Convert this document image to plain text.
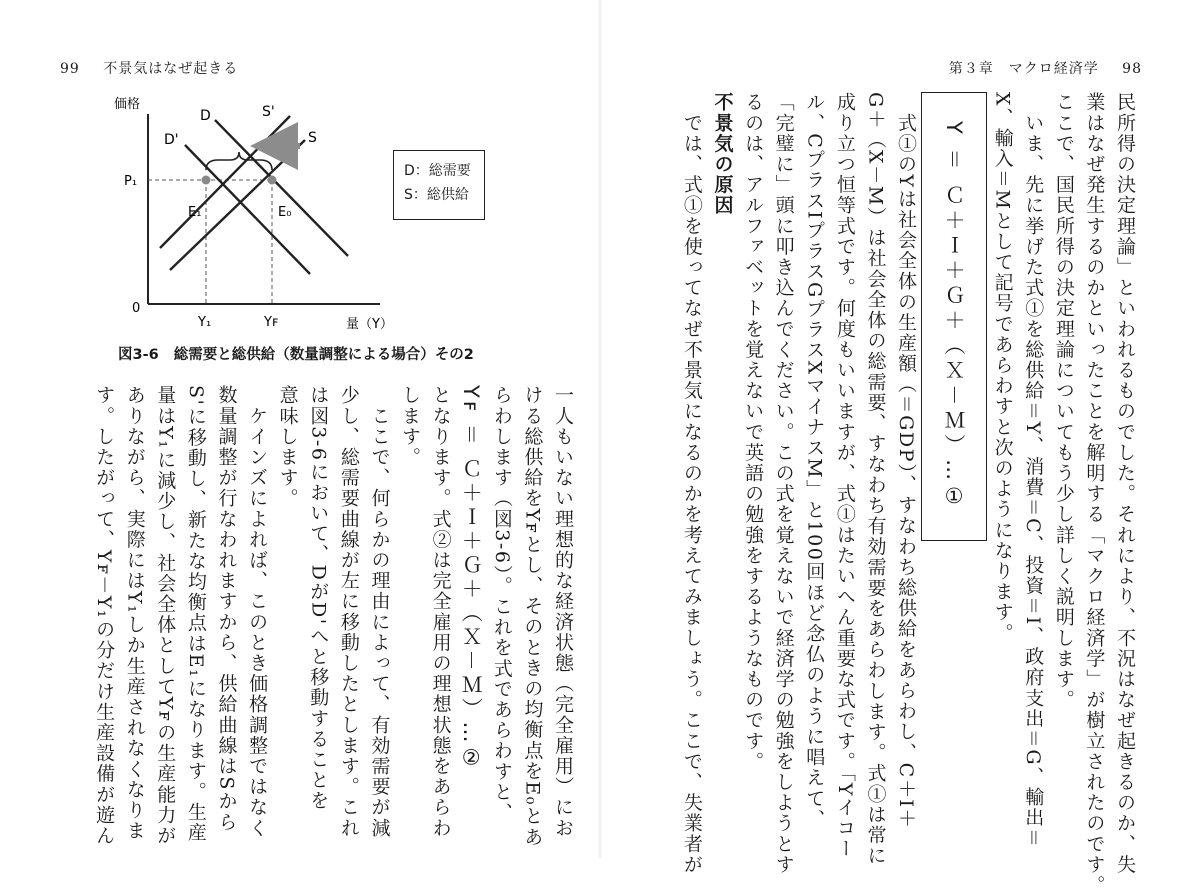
99 不景気はなぜ起きる	第３章　マクロ経済学 98

民所得の決定理論」といわれるものでした。それにより、不況はなぜ起きるのか、失

業はなぜ発生するのかといったことを解明する「マクロ経済学」が樹立されたのです。

ここで、国民所得の決定理論についてもう少し詳しく説明します。

　いま、先に挙げた式①を総供給＝Y、消費＝C、投資＝I、政府支出＝G、輸出＝

X、輸入＝Mとして記号であらわすと次のようになります。

Y ＝ Ｃ＋Ｉ＋Ｇ＋（Ｘ－Ｍ）…①

　式①のYは社会全体の生産額（＝GDP）、すなわち総供給をあらわし、C＋I＋

G＋（X－M）は社会全体の総需要、すなわち有効需要をあらわします。式①は常に

成り立つ恒等式です。何度もいいますが、式①はたいへん重要な式です。「Yイコー

ル、CプラスIプラスGプラスXマイナスM」と100回ほど念仏のように唱えて、

「完璧に」頭に叩き込んでください。この式を覚えないで経済学の勉強をしようとす

るのは、アルファベットを覚えないで英語の勉強をするようなものです。

不景気の原因

　では、式①を使ってなぜ不景気になるのかを考えてみましょう。ここで、失業者が

価格
量（Y）
0
P₁
D
D'
S'
S
E₁	E₀
Y₁	Yꜰ
D：総需要
S：総供給
図3-6 総需要と総供給（数量調整による場合）その2

一人もいない理想的な経済状態（完全雇用）にお

ける総供給をYꜰとし、そのときの均衡点をE₀とあ

らわします（図3-6）。これを式であらわすと、

Yꜰ ＝ Ｃ＋Ｉ＋Ｇ＋（Ｘ－Ｍ）…②

となります。式②は完全雇用の理想状態をあらわ

します。

　ここで、何らかの理由によって、有効需要が減

少し、総需要曲線が左に移動したとします。これ

は図3-6において、DがD'へと移動することを

意味します。

　ケインズによれば、このとき価格調整ではなく

数量調整が行なわれますから、供給曲線はSから

S'に移動し、新たな均衡点はE₁になります。生産

量はY₁に減少し、社会全体としてYꜰの生産能力が

ありながら、実際にはY₁しか生産されなくなりま

す。したがって、Yꜰ－Y₁の分だけ生産設備が遊ん
